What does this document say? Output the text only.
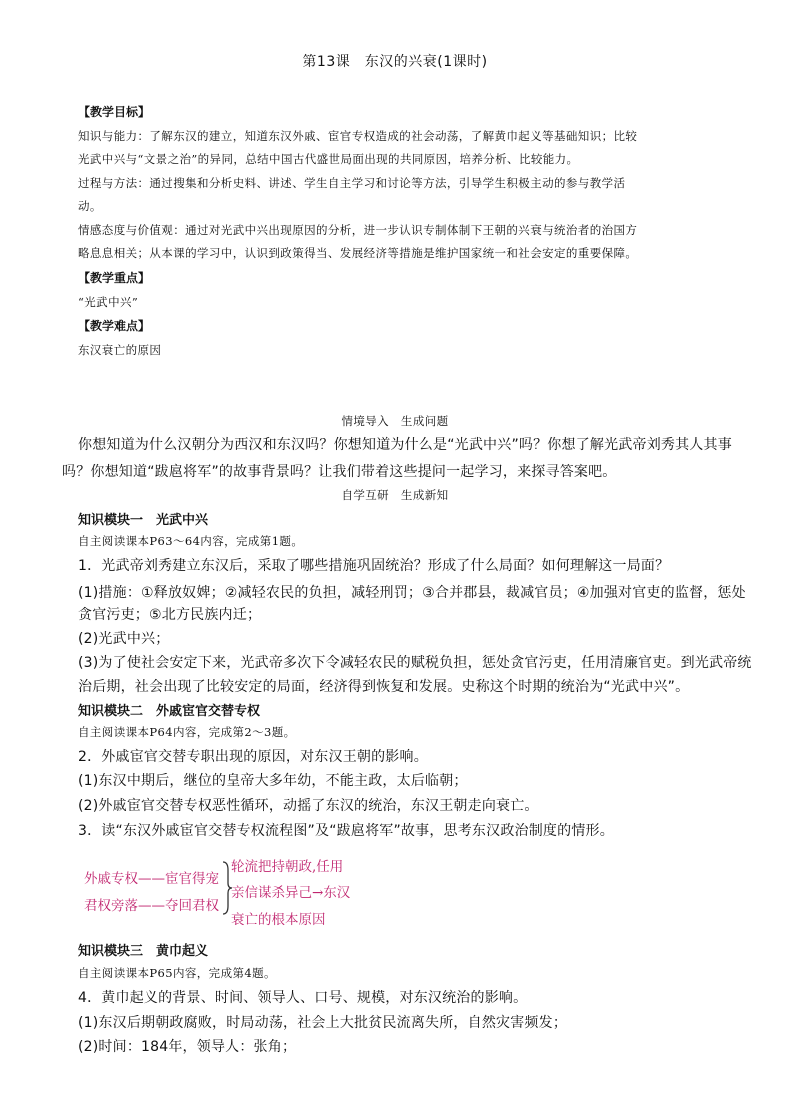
第13课　东汉的兴衰(1课时)
【教学目标】
知识与能力：了解东汉的建立，知道东汉外戚、宦官专权造成的社会动荡，了解黄巾起义等基础知识；比较
光武中兴与“文景之治”的异同，总结中国古代盛世局面出现的共同原因，培养分析、比较能力。
过程与方法：通过搜集和分析史料、讲述、学生自主学习和讨论等方法，引导学生积极主动的参与教学活
动。
情感态度与价值观：通过对光武中兴出现原因的分析，进一步认识专制体制下王朝的兴衰与统治者的治国方
略息息相关；从本课的学习中，认识到政策得当、发展经济等措施是维护国家统一和社会安定的重要保障。
【教学重点】
“光武中兴”
【教学难点】
东汉衰亡的原因
情境导入　生成问题
你想知道为什么汉朝分为西汉和东汉吗？你想知道为什么是“光武中兴”吗？你想了解光武帝刘秀其人其事
吗？你想知道“跋扈将军”的故事背景吗？让我们带着这些提问一起学习，来探寻答案吧。
自学互研　生成新知
知识模块一　光武中兴
自主阅读课本P63～64内容，完成第1题。
1．光武帝刘秀建立东汉后，采取了哪些措施巩固统治？形成了什么局面？如何理解这一局面？
(1)措施：①释放奴婢；②减轻农民的负担，减轻刑罚；③合并郡县，裁减官员；④加强对官吏的监督，惩处
贪官污吏；⑤北方民族内迁；
(2)光武中兴；
(3)为了使社会安定下来，光武帝多次下令减轻农民的赋税负担，惩处贪官污吏，任用清廉官吏。到光武帝统
治后期，社会出现了比较安定的局面，经济得到恢复和发展。史称这个时期的统治为“光武中兴”。
知识模块二　外戚宦官交替专权
自主阅读课本P64内容，完成第2～3题。
2．外戚宦官交替专职出现的原因，对东汉王朝的影响。
(1)东汉中期后，继位的皇帝大多年幼，不能主政，太后临朝；
(2)外戚宦官交替专权恶性循环，动摇了东汉的统治，东汉王朝走向衰亡。
3．读“东汉外戚宦官交替专权流程图”及“跋扈将军”故事，思考东汉政治制度的情形。
外戚专权——宦官得宠
君权旁落——夺回君权
轮流把持朝政,任用
亲信谋杀异己→东汉
衰亡的根本原因
知识模块三　黄巾起义
自主阅读课本P65内容，完成第4题。
4．黄巾起义的背景、时间、领导人、口号、规模，对东汉统治的影响。
(1)东汉后期朝政腐败，时局动荡，社会上大批贫民流离失所，自然灾害频发；
(2)时间：184年，领导人：张角；
